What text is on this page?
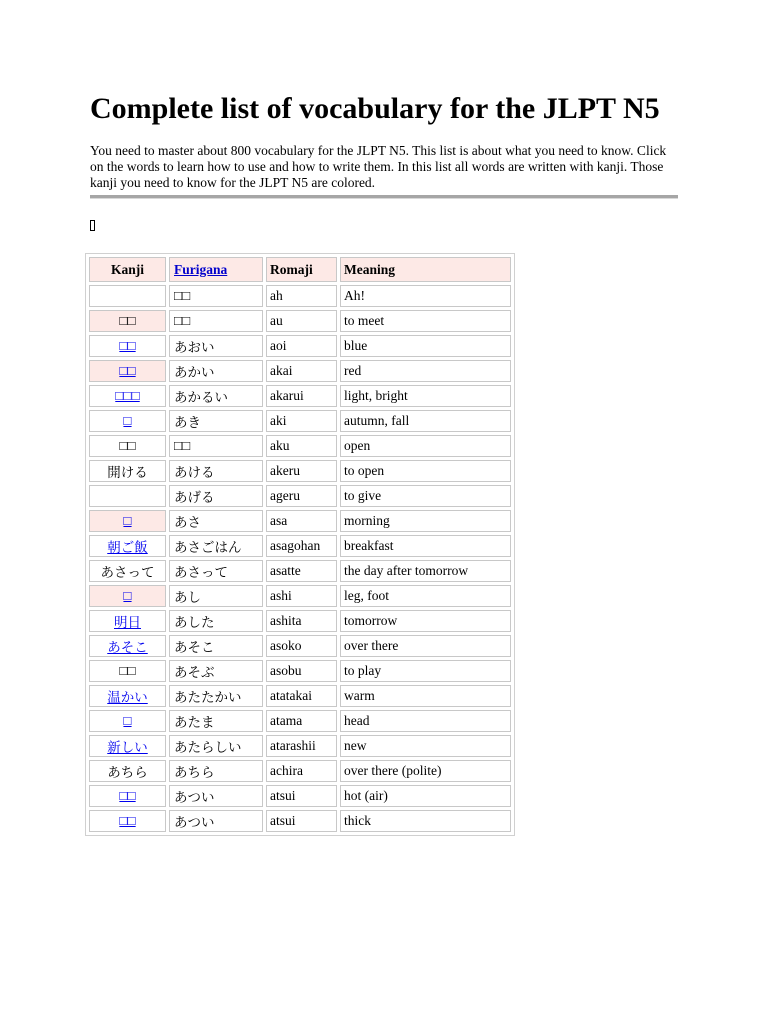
Complete list of vocabulary for the JLPT N5

You need to master about 800 vocabulary for the JLPT N5. This list is about what you need to know. Click on the words to learn how to use and how to write them. In this list all words are written with kanji. Those kanji you need to know for the JLPT N5 are colored.

Kanji	Furigana	Romaji	Meaning
	□□	ah	Ah!
□□	□□	au	to meet
□□	あおい	aoi	blue
□□	あかい	akai	red
□□□	あかるい	akarui	light, bright
□	あき	aki	autumn, fall
□□	□□	aku	open
開ける	あける	akeru	to open
	あげる	ageru	to give
□	あさ	asa	morning
朝ご飯	あさごはん	asagohan	breakfast
あさって	あさって	asatte	the day after tomorrow
□	あし	ashi	leg, foot
明日	あした	ashita	tomorrow
あそこ	あそこ	asoko	over there
□□	あそぶ	asobu	to play
温かい	あたたかい	atatakai	warm
□	あたま	atama	head
新しい	あたらしい	atarashii	new
あちら	あちら	achira	over there (polite)
□□	あつい	atsui	hot (air)
□□	あつい	atsui	thick
